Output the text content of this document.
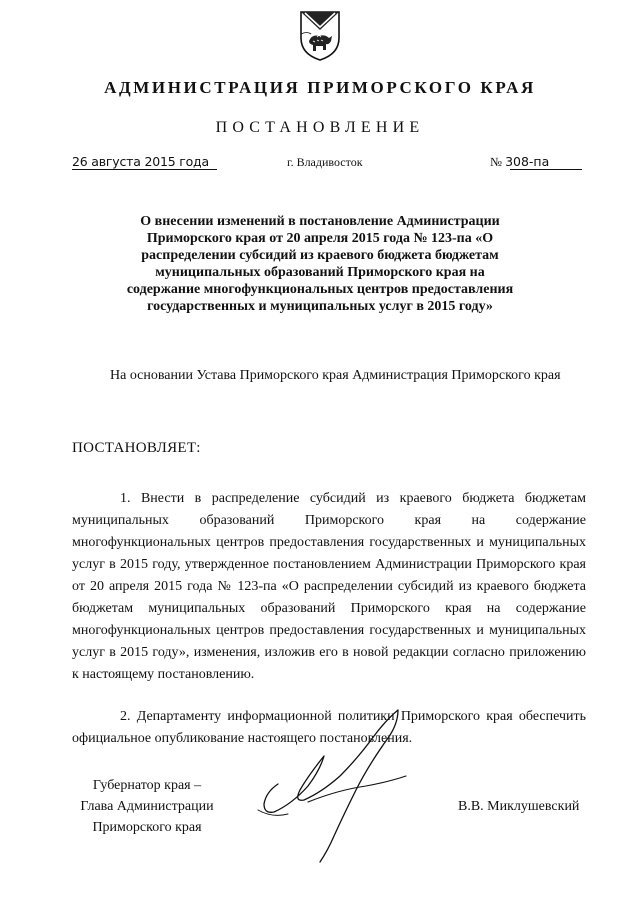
АДМИНИСТРАЦИЯ ПРИМОРСКОГО КРАЯ
ПОСТАНОВЛЕНИЕ
26 августа 2015 года	г. Владивосток	№ 308-па
О внесении изменений в постановление Администрации Приморского края от 20 апреля 2015 года № 123-па «О распределении субсидий из краевого бюджета бюджетам муниципальных образований Приморского края на содержание многофункциональных центров предоставления государственных и муниципальных услуг в 2015 году»
На основании Устава Приморского края Администрация Приморского края
ПОСТАНОВЛЯЕТ:
1. Внести в распределение субсидий из краевого бюджета бюджетам муниципальных образований Приморского края на содержание многофункциональных центров предоставления государственных и муниципальных услуг в 2015 году, утвержденное постановлением Администрации Приморского края от 20 апреля 2015 года № 123-па «О распределении субсидий из краевого бюджета бюджетам муниципальных образований Приморского края на содержание многофункциональных центров предоставления государственных и муниципальных услуг в 2015 году», изменения, изложив его в новой редакции согласно приложению к настоящему постановлению.
2. Департаменту информационной политики Приморского края обеспечить официальное опубликование настоящего постановления.
Губернатор края –
Глава Администрации
Приморского края
В.В. Миклушевский
